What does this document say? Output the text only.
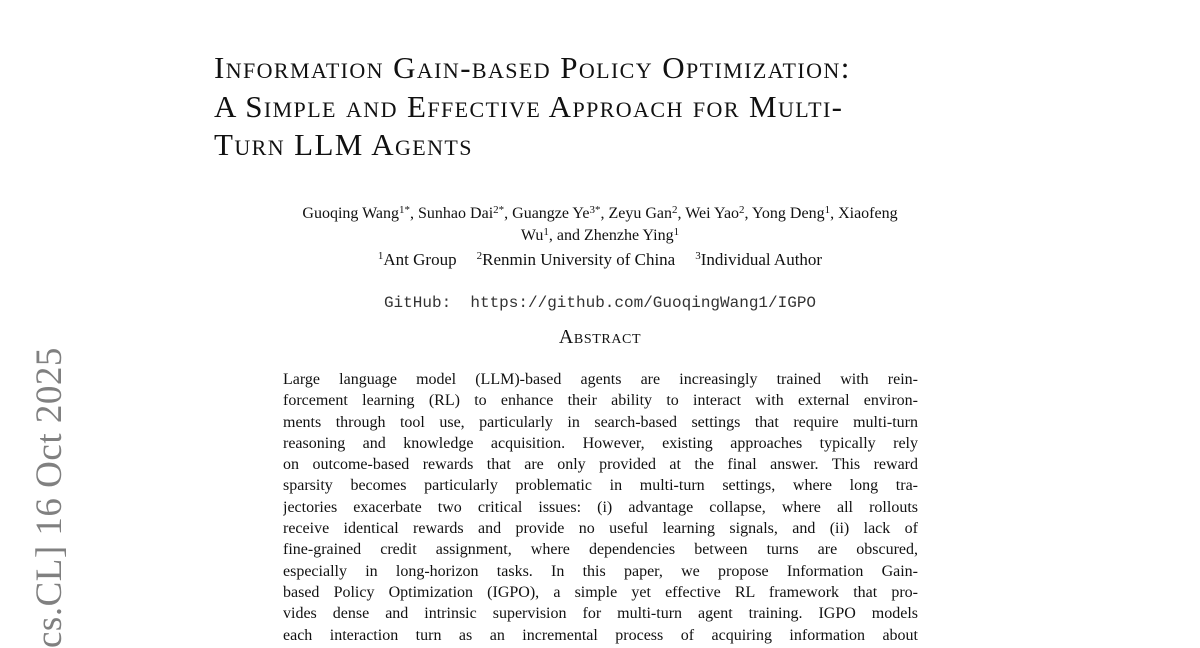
cs.CL] 16 Oct 2025
Information Gain-based Policy Optimization:
A Simple and Effective Approach for Multi-
Turn LLM Agents
Guoqing Wang$^{1*}$, Sunhao Dai$^{2*}$, Guangze $Ye^{3*}$, Zeyu Gan$^2$, Wei Yao$^2$, Yong Deng$^1$, Xiaofeng
Wu$^1$, and Zhenzhe Ying$^1$
$^1$Ant Group $^2$Renmin University of China $^3$Individual Author
GitHub: https://github.com/GuoqingWang1/IGPO
Abstract
Large language model (LLM)-based agents are increasingly trained with rein-
forcement learning (RL) to enhance their ability to interact with external environ-
ments through tool use, particularly in search-based settings that require multi-turn
reasoning and knowledge acquisition. However, existing approaches typically rely
on outcome-based rewards that are only provided at the final answer. This reward
sparsity becomes particularly problematic in multi-turn settings, where long tra-
jectories exacerbate two critical issues: (i) advantage collapse, where all rollouts
receive identical rewards and provide no useful learning signals, and (ii) lack of
fine-grained credit assignment, where dependencies between turns are obscured,
especially in long-horizon tasks. In this paper, we propose Information Gain-
based Policy Optimization (IGPO), a simple yet effective RL framework that pro-
vides dense and intrinsic supervision for multi-turn agent training. IGPO models
each interaction turn as an incremental process of acquiring information about
